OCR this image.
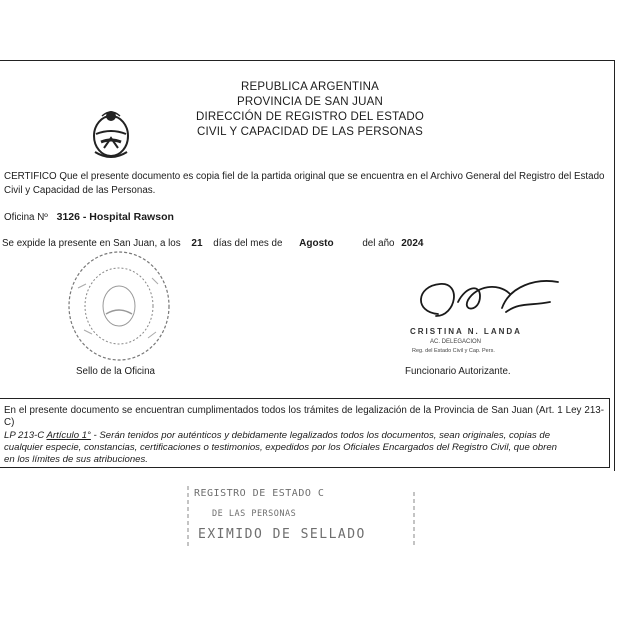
REPUBLICA ARGENTINA
PROVINCIA DE SAN JUAN
DIRECCIÓN DE REGISTRO DEL ESTADO
CIVIL Y CAPACIDAD DE LAS PERSONAS
CERTIFICO Que el presente documento es copia fiel de la partida original que se encuentra en el Archivo General del Registro del Estado Civil y Capacidad de las Personas.
Oficina Nº 3126 - Hospital Rawson
Se expide la presente en San Juan, a los 21 días del mes de Agosto	del año 2024
Sello de la Oficina
CRISTINA N. LANDA
AC. DELEGACION
Reg. del Estado Civil y Cap. Pers.
Funcionario Autorizante.
En el presente documento se encuentran cumplimentados todos los trámites de legalización de la Provincia de San Juan (Art. 1 Ley 213-C)
LP 213-C Artículo 1° - Serán tenidos por auténticos y debidamente legalizados todos los documentos, sean originales, copias de cualquier especie, constancias, certificaciones o testimonios, expedidos por los Oficiales Encargados del Registro Civil, que obren en los límites de sus atribuciones.
REGISTRO DE ESTADO C
DE LAS PERSONAS
EXIMIDO DE SELLADO
